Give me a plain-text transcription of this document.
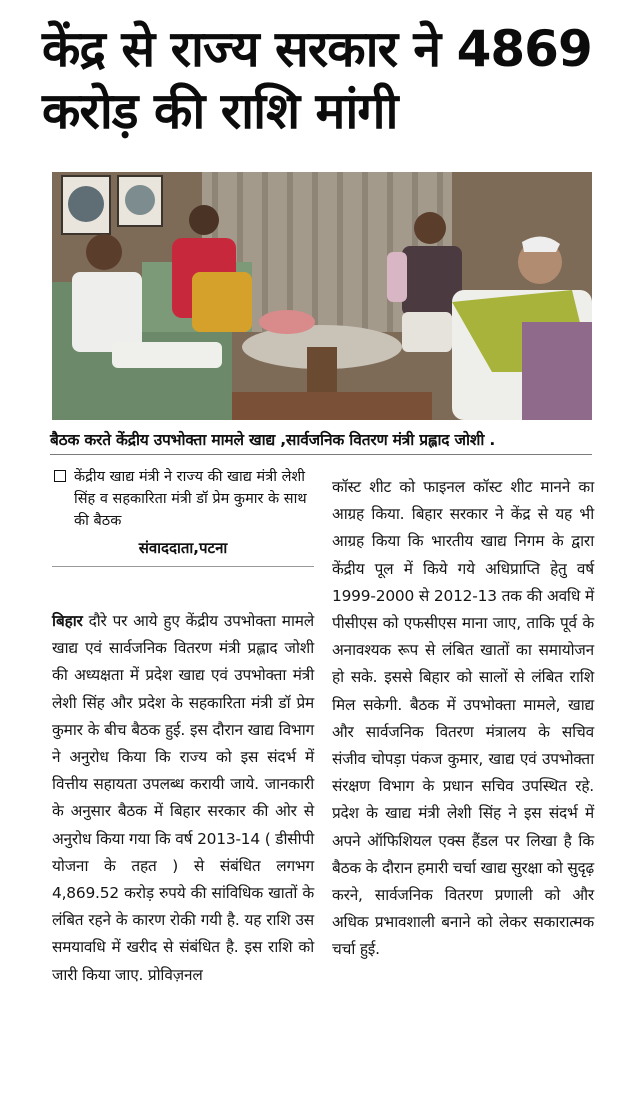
केंद्र से राज्य सरकार ने 4869 करोड़ की राशि मांगी
बैठक करते केंद्रीय उपभोक्ता मामले खाद्य ,सार्वजनिक वितरण मंत्री प्रह्लाद जोशी .
केंद्रीय खाद्य मंत्री ने राज्य की खाद्य मंत्री लेशी सिंह व सहकारिता मंत्री डॉ प्रेम कुमार के साथ की बैठक
संवाददाता,पटना
बिहार दौरे पर आये हुए केंद्रीय उपभोक्ता मामले खाद्य एवं सार्वजनिक वितरण मंत्री प्रह्लाद जोशी की अध्यक्षता में प्रदेश खाद्य एवं उपभोक्ता मंत्री लेशी सिंह और प्रदेश के सहकारिता मंत्री डॉ प्रेम कुमार के बीच बैठक हुई. इस दौरान खाद्य विभाग ने अनुरोध किया कि राज्य को इस संदर्भ में वित्तीय सहायता उपलब्ध करायी जाये. जानकारी के अनुसार बैठक में बिहार सरकार की ओर से अनुरोध किया गया कि वर्ष 2013-14 ( डीसीपी योजना के तहत ) से संबंधित लगभग 4,869.52 करोड़ रुपये की सांविधिक खातों के लंबित रहने के कारण रोकी गयी है. यह राशि उस समयावधि में खरीद से संबंधित है. इस राशि को जारी किया जाए. प्रोविज़नल
कॉस्ट शीट को फाइनल कॉस्ट शीट मानने का आग्रह किया. बिहार सरकार ने केंद्र से यह भी आग्रह किया कि भारतीय खाद्य निगम के द्वारा केंद्रीय पूल में किये गये अधिप्राप्ति हेतु वर्ष 1999-2000 से 2012-13 तक की अवधि में पीसीएस को एफसीएस माना जाए, ताकि पूर्व के अनावश्यक रूप से लंबित खातों का समायोजन हो सके. इससे बिहार को सालों से लंबित राशि मिल सकेगी. बैठक में उपभोक्ता मामले, खाद्य और सार्वजनिक वितरण मंत्रालय के सचिव संजीव चोपड़ा पंकज कुमार, खाद्य एवं उपभोक्ता संरक्षण विभाग के प्रधान सचिव उपस्थित रहे. प्रदेश के खाद्य मंत्री लेशी सिंह ने इस संदर्भ में अपने ऑफिशियल एक्स हैंडल पर लिखा है कि बैठक के दौरान हमारी चर्चा खाद्य सुरक्षा को सुदृढ़ करने, सार्वजनिक वितरण प्रणाली को और अधिक प्रभावशाली बनाने को लेकर सकारात्मक चर्चा हुई.
